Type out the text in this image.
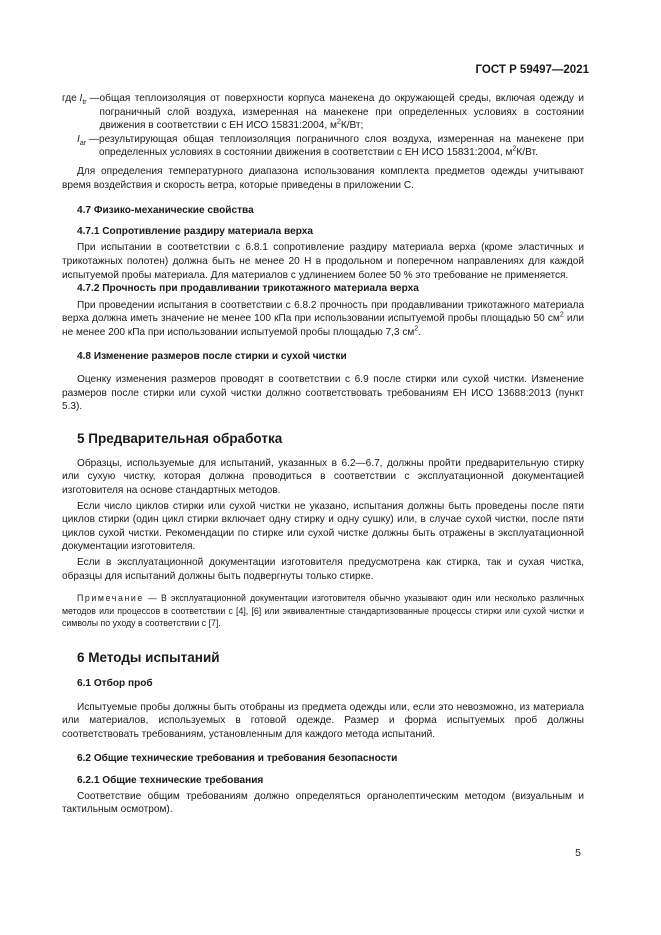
ГОСТ Р 59497—2021
где $I_{tr}$ — общая теплоизоляция от поверхности корпуса манекена до окружающей среды, включая одежду и пограничный слой воздуха, измеренная на манекене при определенных условиях в состоянии движения в соответствии с ЕН ИСО 15831:2004, $м^2К/Вт$;
$I_{ar}$ — результирующая общая теплоизоляция пограничного слоя воздуха, измеренная на манекене при определенных условиях в состоянии движения в соответствии с ЕН ИСО 15831:2004, $м^2К/Вт$.

Для определения температурного диапазона использования комплекта предметов одежды учитывают время воздействия и скорость ветра, которые приведены в приложении С.

4.7 Физико-механические свойства
4.7.1 Сопротивление раздиру материала верха

При испытании в соответствии с 6.8.1 сопротивление раздиру материала верха (кроме эластичных и трикотажных полотен) должна быть не менее 20 Н в продольном и поперечном направлениях для каждой испытуемой пробы материала. Для материалов с удлинением более 50 % это требование не применяется.

4.7.2 Прочность при продавливании трикотажного материала верха

При проведении испытания в соответствии с 6.8.2 прочность при продавливании трикотажного материала верха должна иметь значение не менее 100 кПа при использовании испытуемой пробы площадью 50 $см^2$ или не менее 200 кПа при использовании испытуемой пробы площадью 7,3 $см^2$.

4.8 Изменение размеров после стирки и сухой чистки

Оценку изменения размеров проводят в соответствии с 6.9 после стирки или сухой чистки. Изменение размеров после стирки или сухой чистки должно соответствовать требованиям ЕН ИСО 13688:2013 (пункт 5.3).

5 Предварительная обработка

Образцы, используемые для испытаний, указанных в 6.2—6.7, должны пройти предварительную стирку или сухую чистку, которая должна проводиться в соответствии с эксплуатационной документацией изготовителя на основе стандартных методов.

Если число циклов стирки или сухой чистки не указано, испытания должны быть проведены после пяти циклов стирки (один цикл стирки включает одну стирку и одну сушку) или, в случае сухой чистки, после пяти циклов сухой чистки. Рекомендации по стирке или сухой чистке должны быть отражены в эксплуатационной документации изготовителя.

Если в эксплуатационной документации изготовителя предусмотрена как стирка, так и сухая чистка, образцы для испытаний должны быть подвергнуты только стирке.

Примечание — В эксплуатационной документации изготовителя обычно указывают один или несколько различных методов или процессов в соответствии с [4], [6] или эквивалентные стандартизованные процессы стирки или сухой чистки и символы по уходу в соответствии с [7].

6 Методы испытаний
6.1 Отбор проб

Испытуемые пробы должны быть отобраны из предмета одежды или, если это невозможно, из материала или материалов, используемых в готовой одежде. Размер и форма испытуемых проб должны соответствовать требованиям, установленным для каждого метода испытаний.

6.2 Общие технические требования и требования безопасности
6.2.1 Общие технические требования

Соответствие общим требованиям должно определяться органолептическим методом (визуальным и тактильным осмотром).

5
